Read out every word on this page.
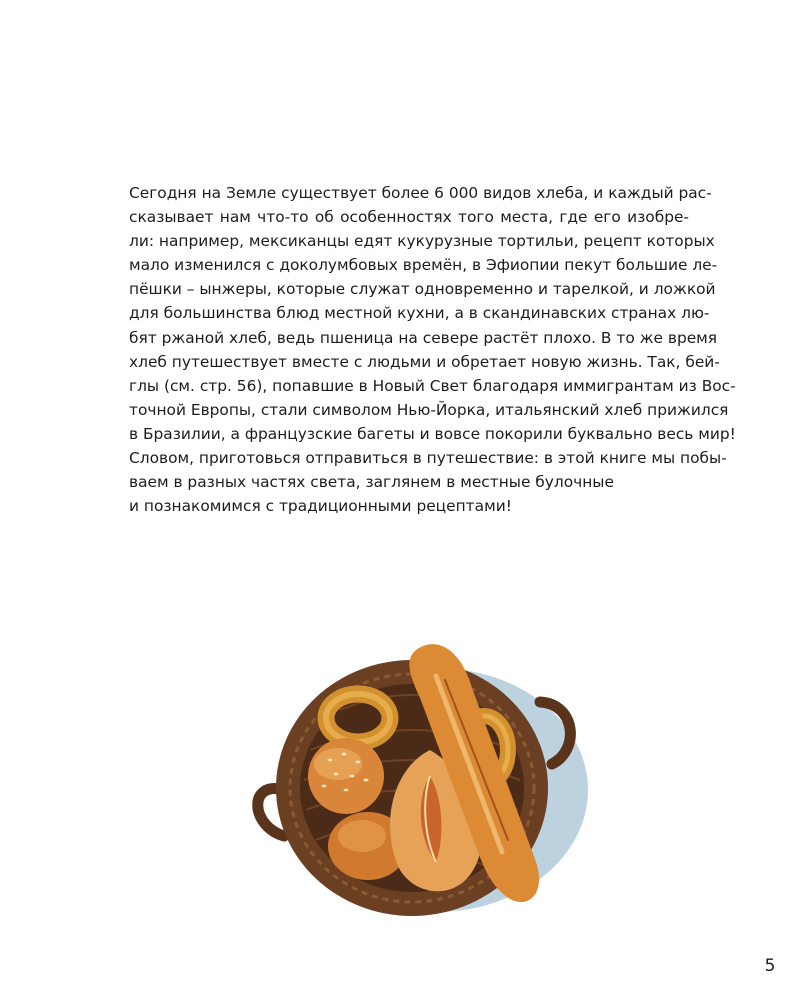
Сегодня на Земле существует более 6 000 видов хлеба, и каждый рас-
сказывает нам что-то об особенностях того места, где его изобре-
ли: например, мексиканцы едят кукурузные тортильи, рецепт которых
мало изменился с доколумбовых времён, в Эфиопии пекут большие ле-
пёшки – ынжеры, которые служат одновременно и тарелкой, и ложкой
для большинства блюд местной кухни, а в скандинавских странах лю-
бят ржаной хлеб, ведь пшеница на севере растёт плохо. В то же время
хлеб путешествует вместе с людьми и обретает новую жизнь. Так, бей-
глы (см. стр. 56), попавшие в Новый Свет благодаря иммигрантам из Вос-
точной Европы, стали символом Нью-Йорка, итальянский хлеб прижился
в Бразилии, а французские багеты и вовсе покорили буквально весь мир!
Словом, приготовься отправиться в путешествие: в этой книге мы побы-
ваем в разных частях света, заглянем в местные булочные
и познакомимся с традиционными рецептами!

5
